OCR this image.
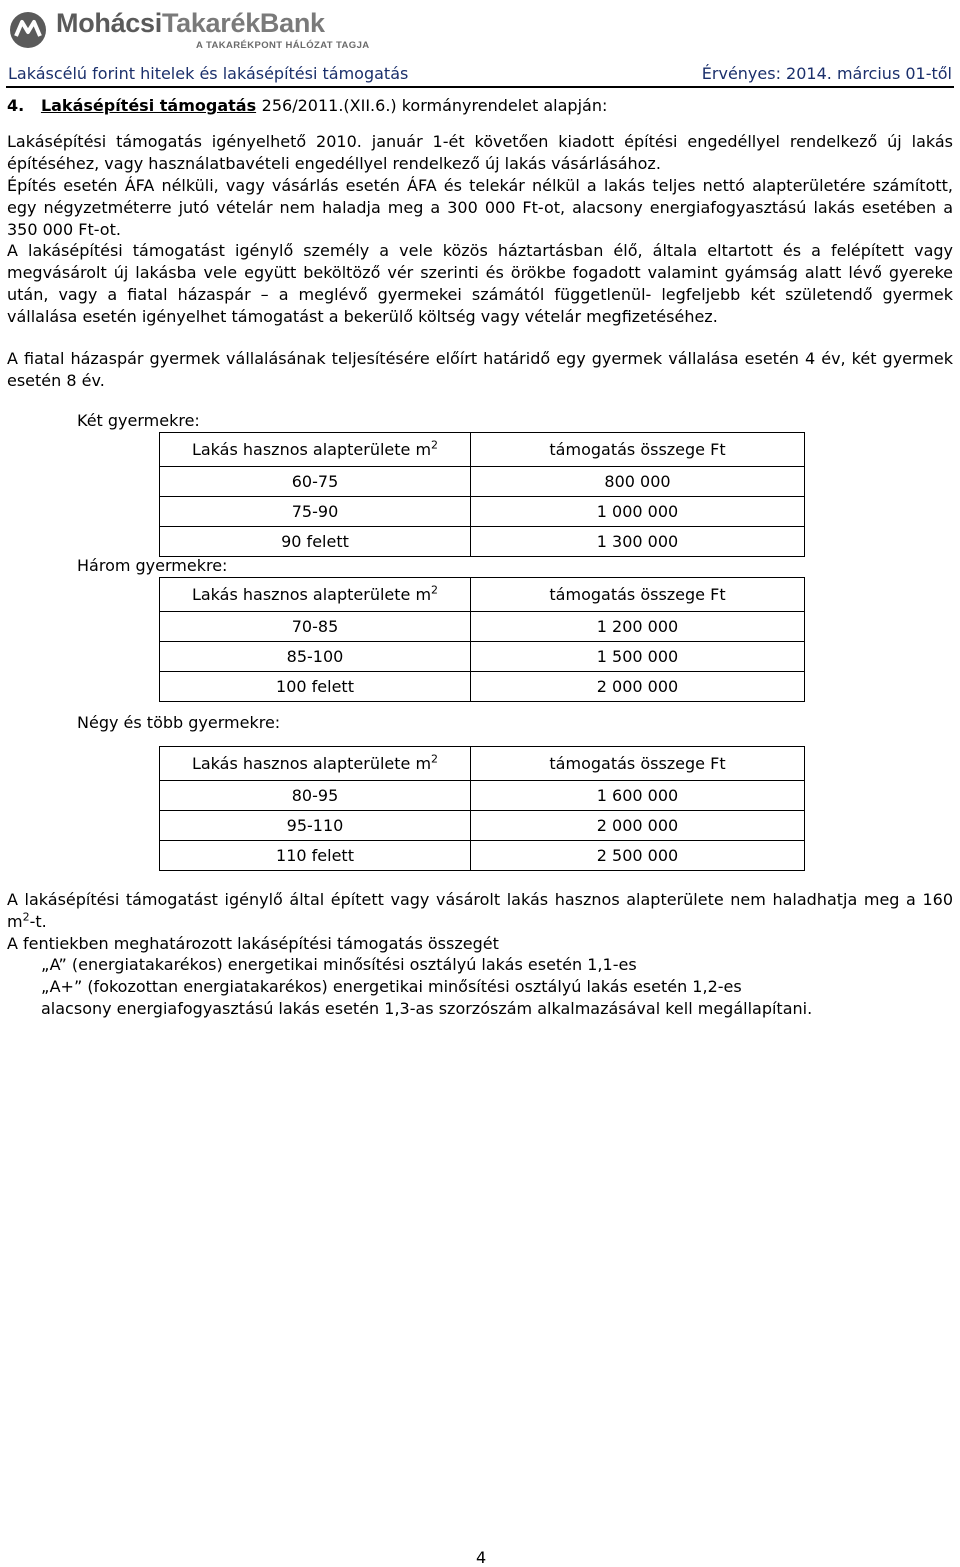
MohácsiTakarékBank
A TAKARÉKPONT HÁLÓZAT TAGJA
Lakáscélú forint hitelek és lakásépítési támogatás	Érvényes: 2014. március 01-től
4. Lakásépítési támogatás 256/2011.(XII.6.) kormányrendelet alapján:
Lakásépítési támogatás igényelhető 2010. január 1-ét követően kiadott építési engedéllyel rendelkező új lakás építéséhez, vagy használatbavételi engedéllyel rendelkező új lakás vásárlásához.
Építés esetén ÁFA nélküli, vagy vásárlás esetén ÁFA és telekár nélkül a lakás teljes nettó alapterületére számított, egy négyzetméterre jutó vételár nem haladja meg a 300 000 Ft-ot, alacsony energiafogyasztású lakás esetében a 350 000 Ft-ot.
A lakásépítési támogatást igénylő személy a vele közös háztartásban élő, általa eltartott és a felépített vagy megvásárolt új lakásba vele együtt beköltöző vér szerinti és örökbe fogadott valamint gyámság alatt lévő gyereke után, vagy a fiatal házaspár – a meglévő gyermekei számától függetlenül- legfeljebb két születendő gyermek vállalása esetén igényelhet támogatást a bekerülő költség vagy vételár megfizetéséhez.
A fiatal házaspár gyermek vállalásának teljesítésére előírt határidő egy gyermek vállalása esetén 4 év, két gyermek esetén 8 év.
Két gyermekre:
Lakás hasznos alapterülete $m^2$	támogatás összege Ft
60-75	800 000
75-90	1 000 000
90 felett	1 300 000
Három gyermekre:
Lakás hasznos alapterülete $m^2$	támogatás összege Ft
70-85	1 200 000
85-100	1 500 000
100 felett	2 000 000
Négy és több gyermekre:
Lakás hasznos alapterülete $m^2$	támogatás összege Ft
80-95	1 600 000
95-110	2 000 000
110 felett	2 500 000
A lakásépítési támogatást igénylő által épített vagy vásárolt lakás hasznos alapterülete nem haladhatja meg a 160 $m^2-t$.
A fentiekben meghatározott lakásépítési támogatás összegét
„A” (energiatakarékos) energetikai minősítési osztályú lakás esetén 1,1-es
„A+” (fokozottan energiatakarékos) energetikai minősítési osztályú lakás esetén 1,2-es
alacsony energiafogyasztású lakás esetén 1,3-as szorzószám alkalmazásával kell megállapítani.
4
